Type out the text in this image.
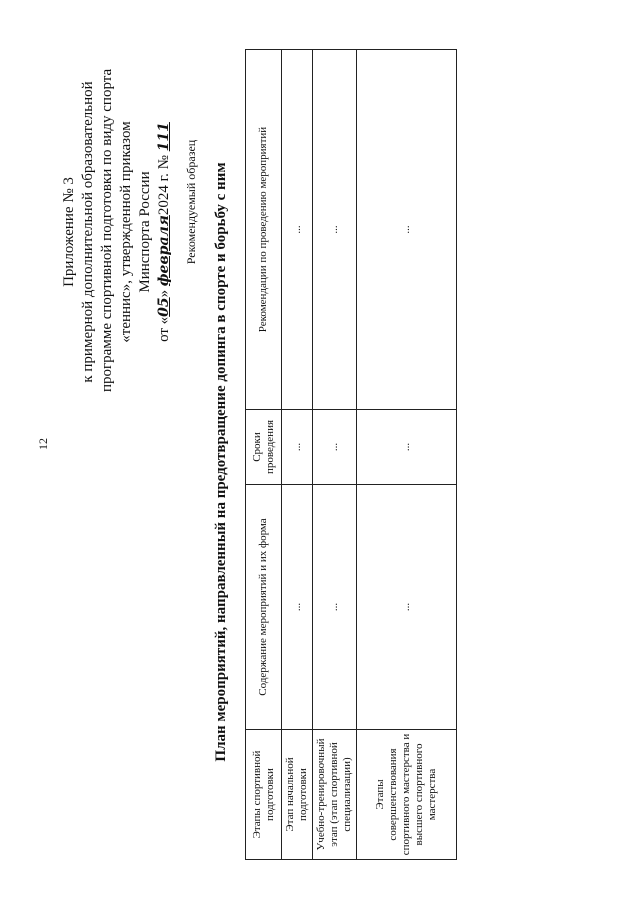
12
Приложение № 3 к примерной дополнительной образовательной программе спортивной подготовки по виду спорта «теннис», утвержденной приказом Минспорта России
от «05» февраля2024 г. № 111
Рекомендуемый образец План мероприятий, направленный на предотвращение допинга в спорте и борьбу с ним
Этапы спортивной подготовки	Содержание мероприятий и их форма	Сроки проведения	Рекомендации по проведению мероприятий
Этап начальной подготовки	...	...	...
Учебно-тренировочный этап (этап спортивной специализации)	...	...	...
Этапы совершенствования спортивного мастерства и высшего спортивного мастерства	...	...	...
